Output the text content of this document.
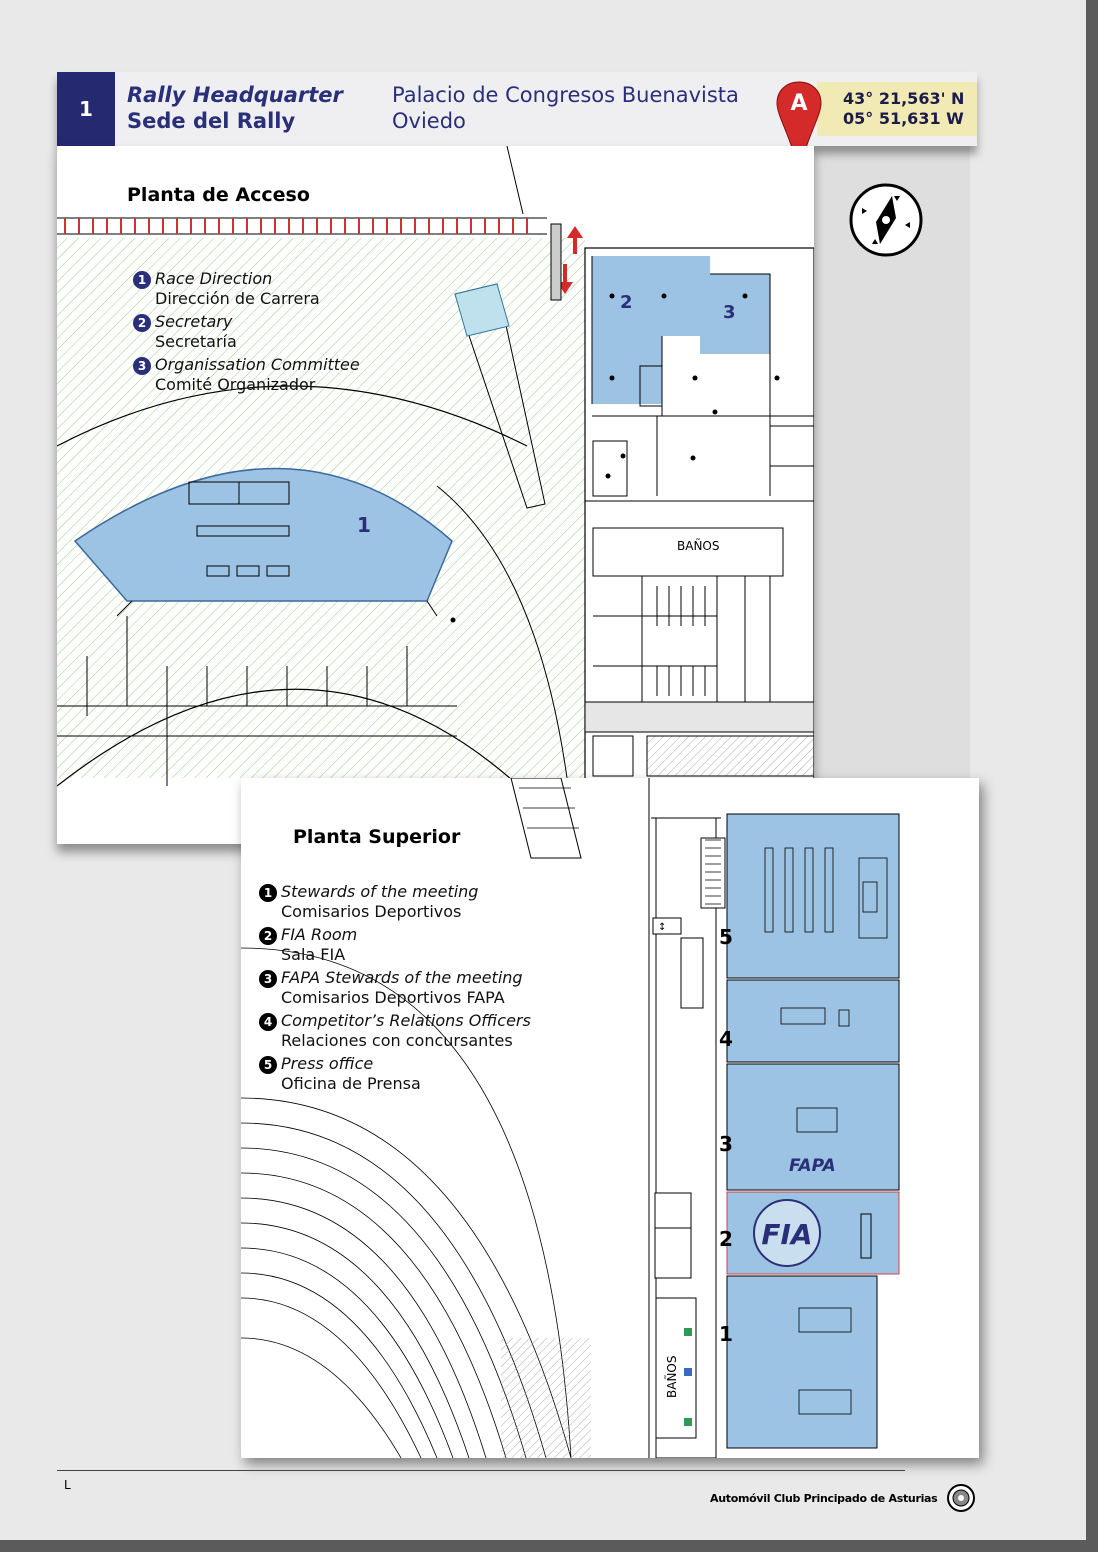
1
Rally Headquarter
Sede del Rally
Palacio de Congresos Buenavista
Oviedo
43° 21,563' N
05° 51,631 W
A
1
2	3
BAÑOS
Planta de Acceso
1 Race Direction
Dirección de Carrera
2 Secretary
Secretaría
3 Organissation Committee
Comité Organizador
↕
BAÑOS
FAPA
FIA
5
4
3
2
1
Planta Superior
1 Stewards of the meeting
Comisarios Deportivos
2 FIA Room
Sala FIA
3 FAPA Stewards of the meeting
Comisarios Deportivos FAPA
4 Competitor’s Relations Officers
Relaciones con concursantes
5 Press office
Oficina de Prensa
L
Automóvil Club Principado de Asturias
